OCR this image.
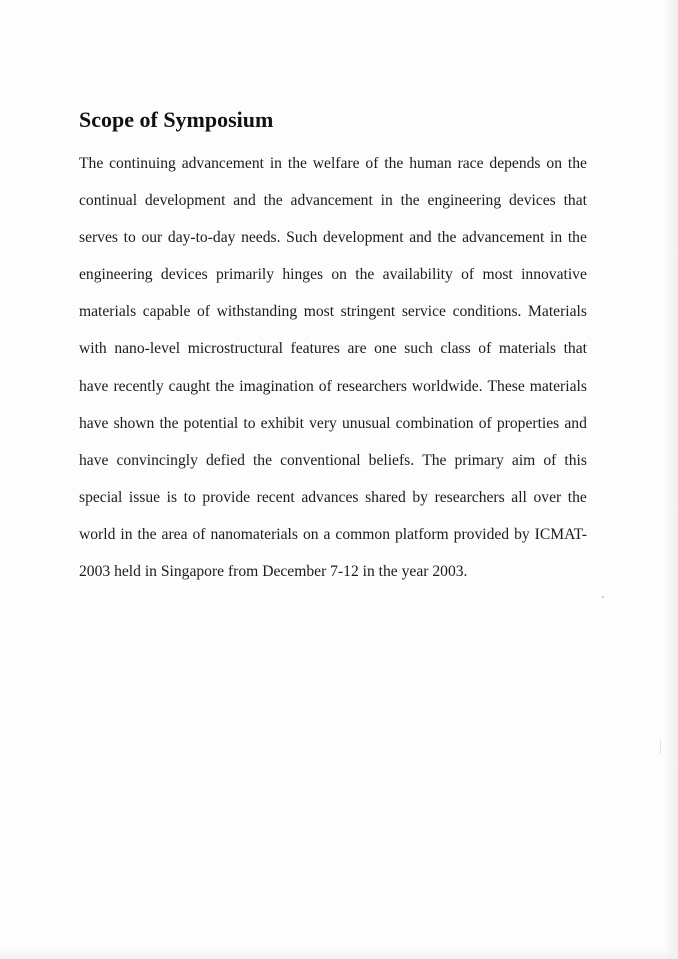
Scope of Symposium
The continuing advancement in the welfare of the human race depends on the
continual development and the advancement in the engineering devices that
serves to our day-to-day needs. Such development and the advancement in the
engineering devices primarily hinges on the availability of most innovative
materials capable of withstanding most stringent service conditions. Materials
with nano-level microstructural features are one such class of materials that
have recently caught the imagination of researchers worldwide. These materials
have shown the potential to exhibit very unusual combination of properties and
have convincingly defied the conventional beliefs. The primary aim of this
special issue is to provide recent advances shared by researchers all over the
world in the area of nanomaterials on a common platform provided by ICMAT-
2003 held in Singapore from December 7-12 in the year 2003.
